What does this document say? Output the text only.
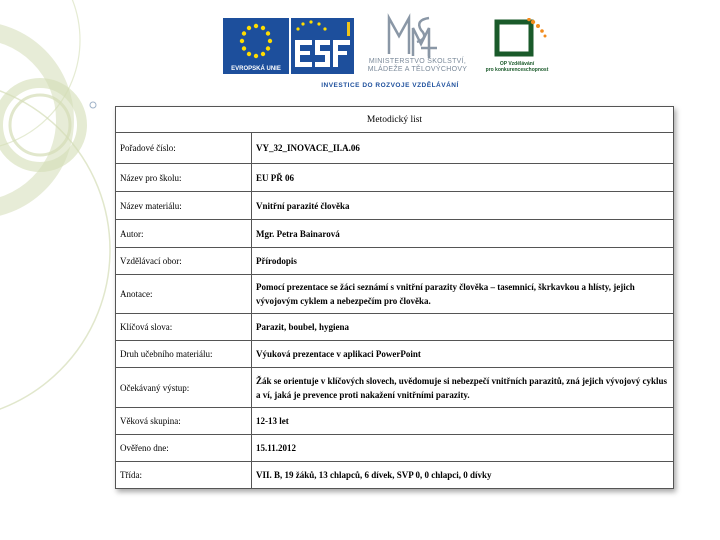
EVROPSKÁ UNIE
MINISTERSTVO ŠKOLSTVÍ,
MLÁDEŽE A TĚLOVÝCHOVY
OP Vzdělávání
pro konkurenceschopnost
INVESTICE DO ROZVOJE VZDĚLÁVÁNÍ
Metodický list	
Pořadové číslo:	VY_32_INOVACE_II.A.06
Název pro školu:	EU PŘ 06
Název materiálu:	Vnitřní parazité člověka
Autor:	Mgr. Petra Bainarová
Vzdělávací obor:	Přírodopis
Anotace:	Pomocí prezentace se žáci seznámí s vnitřní parazity člověka – tasemnicí, škrkavkou a hlísty, jejich vývojovým cyklem a nebezpečím pro člověka.
Klíčová slova:	Parazit, boubel, hygiena
Druh učebního materiálu:	Výuková prezentace v aplikaci PowerPoint
Očekávaný výstup:	Žák se orientuje v klíčových slovech, uvědomuje si nebezpečí vnitřních parazitů, zná jejich vývojový cyklus a ví, jaká je prevence proti nakažení vnitřními parazity.
Věková skupina:	12-13 let
Ověřeno dne:	15.11.2012
Třída:	VII. B, 19 žáků, 13 chlapců, 6 dívek, SVP 0, 0 chlapci, 0 dívky
